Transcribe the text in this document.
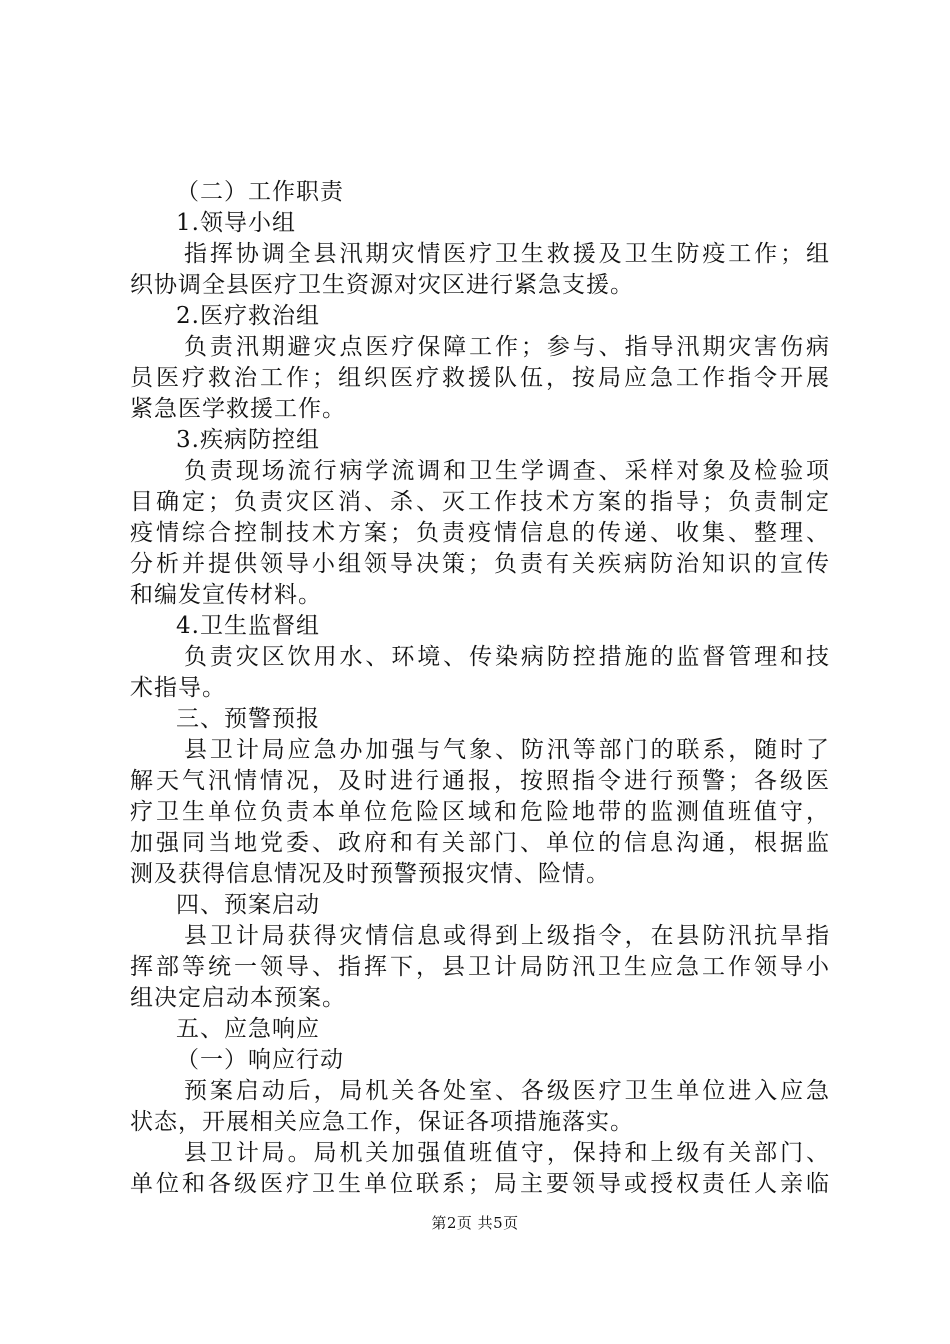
（二）工作职责
1.领导小组
指挥协调全县汛期灾情医疗卫生救援及卫生防疫工作；组
织协调全县医疗卫生资源对灾区进行紧急支援。
2.医疗救治组
负责汛期避灾点医疗保障工作；参与、指导汛期灾害伤病
员医疗救治工作；组织医疗救援队伍，按局应急工作指令开展
紧急医学救援工作。
3.疾病防控组
负责现场流行病学流调和卫生学调查、采样对象及检验项
目确定；负责灾区消、杀、灭工作技术方案的指导；负责制定
疫情综合控制技术方案；负责疫情信息的传递、收集、整理、
分析并提供领导小组领导决策；负责有关疾病防治知识的宣传
和编发宣传材料。
4.卫生监督组
负责灾区饮用水、环境、传染病防控措施的监督管理和技
术指导。
三、预警预报
县卫计局应急办加强与气象、防汛等部门的联系，随时了
解天气汛情情况，及时进行通报，按照指令进行预警；各级医
疗卫生单位负责本单位危险区域和危险地带的监测值班值守，
加强同当地党委、政府和有关部门、单位的信息沟通，根据监
测及获得信息情况及时预警预报灾情、险情。
四、预案启动
县卫计局获得灾情信息或得到上级指令，在县防汛抗旱指
挥部等统一领导、指挥下，县卫计局防汛卫生应急工作领导小
组决定启动本预案。
五、应急响应
（一）响应行动
预案启动后，局机关各处室、各级医疗卫生单位进入应急
状态，开展相关应急工作，保证各项措施落实。
县卫计局。局机关加强值班值守，保持和上级有关部门、
单位和各级医疗卫生单位联系；局主要领导或授权责任人亲临
第2页 共5页
